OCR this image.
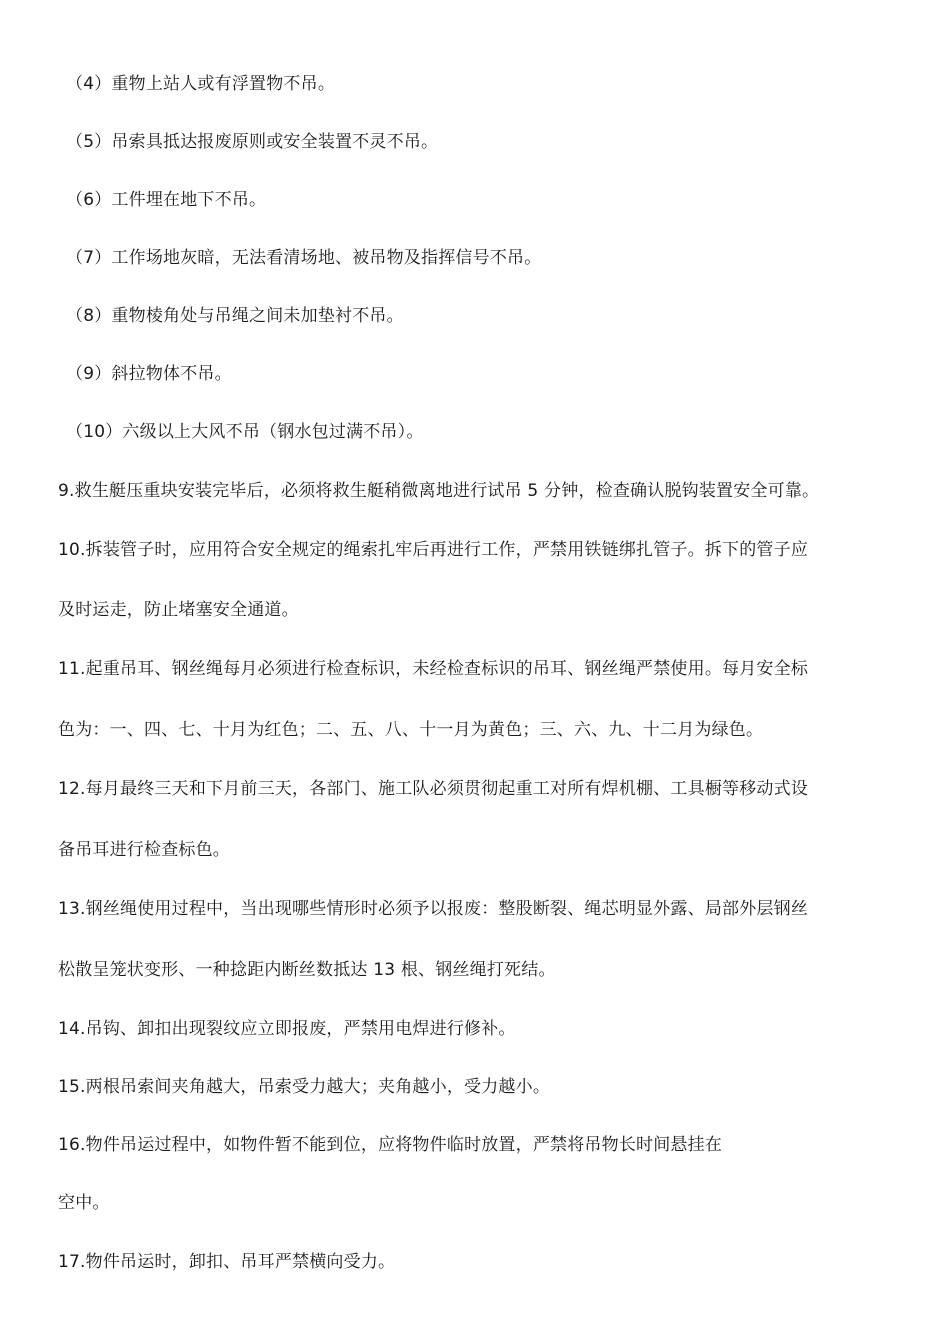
（4）重物上站人或有浮置物不吊。
（5）吊索具抵达报废原则或安全装置不灵不吊。
（6）工件埋在地下不吊。
（7）工作场地灰暗，无法看清场地、被吊物及指挥信号不吊。
（8）重物棱角处与吊绳之间未加垫衬不吊。
（9）斜拉物体不吊。
（10）六级以上大风不吊（钢水包过满不吊）。
9.救生艇压重块安装完毕后，必须将救生艇稍微离地进行试吊 5 分钟，检查确认脱钩装置安全可靠。
10.拆装管子时，应用符合安全规定的绳索扎牢后再进行工作，严禁用铁链绑扎管子。拆下的管子应
及时运走，防止堵塞安全通道。
11.起重吊耳、钢丝绳每月必须进行检查标识，未经检查标识的吊耳、钢丝绳严禁使用。每月安全标
色为：一、四、七、十月为红色；二、五、八、十一月为黄色；三、六、九、十二月为绿色。
12.每月最终三天和下月前三天，各部门、施工队必须贯彻起重工对所有焊机棚、工具橱等移动式设
备吊耳进行检查标色。
13.钢丝绳使用过程中，当出现哪些情形时必须予以报废：整股断裂、绳芯明显外露、局部外层钢丝
松散呈笼状变形、一种捻距内断丝数抵达 13 根、钢丝绳打死结。
14.吊钩、卸扣出现裂纹应立即报废，严禁用电焊进行修补。
15.两根吊索间夹角越大，吊索受力越大；夹角越小，受力越小。
16.物件吊运过程中，如物件暂不能到位，应将物件临时放置，严禁将吊物长时间悬挂在
空中。
17.物件吊运时，卸扣、吊耳严禁横向受力。
